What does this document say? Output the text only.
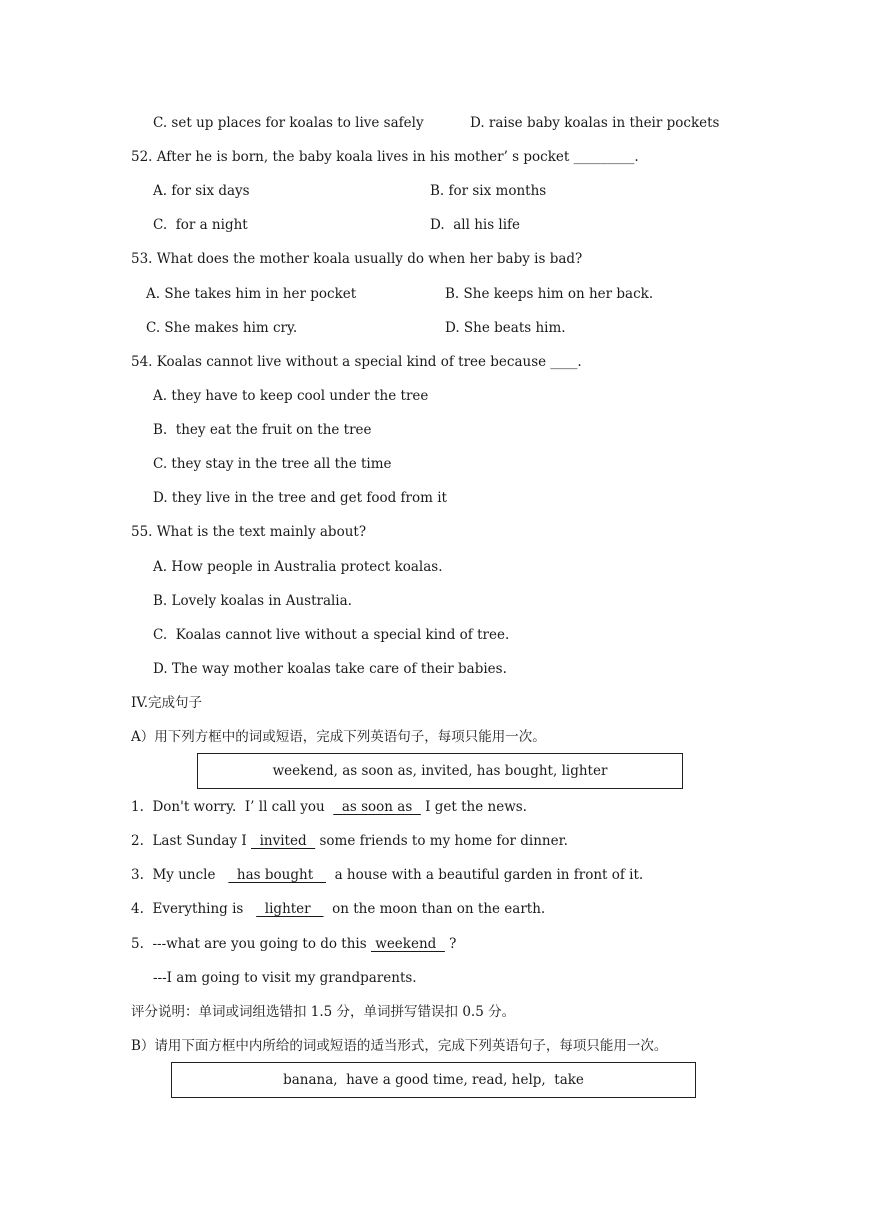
C. set up places for koalas to live safely	D. raise baby koalas in their pockets
52. After he is born, the baby koala lives in his mother’ s pocket _________.
A. for six days	B. for six months
C.  for a night	D.  all his life
53. What does the mother koala usually do when her baby is bad?
A. She takes him in her pocket	B. She keeps him on her back.
C. She makes him cry.	D. She beats him.
54. Koalas cannot live without a special kind of tree because ____.
A. they have to keep cool under the tree
B.  they eat the fruit on the tree
C. they stay in the tree all the time
D. they live in the tree and get food from it
55. What is the text mainly about?
A. How people in Australia protect koalas.
B. Lovely koalas in Australia.
C.  Koalas cannot live without a special kind of tree.
D. The way mother koalas take care of their babies.
IV.完成句子
A）用下列方框中的词或短语，完成下列英语句子，每项只能用一次。
weekend, as soon as, invited, has bought, lighter
1.  Don't worry.  I’ ll call you    as soon as   I get the news.
2.  Last Sunday I   invited   some friends to my home for dinner.
3.  My uncle     has bought     a house with a beautiful garden in front of it.
4.  Everything is     lighter     on the moon than on the earth.
5.  ---what are you going to do this  weekend   ?
---I am going to visit my grandparents.
评分说明：单词或词组选错扣 1.5 分，单词拼写错误扣 0.5 分。
B）请用下面方框中内所给的词或短语的适当形式，完成下列英语句子，每项只能用一次。
banana,  have a good time, read, help,  take
